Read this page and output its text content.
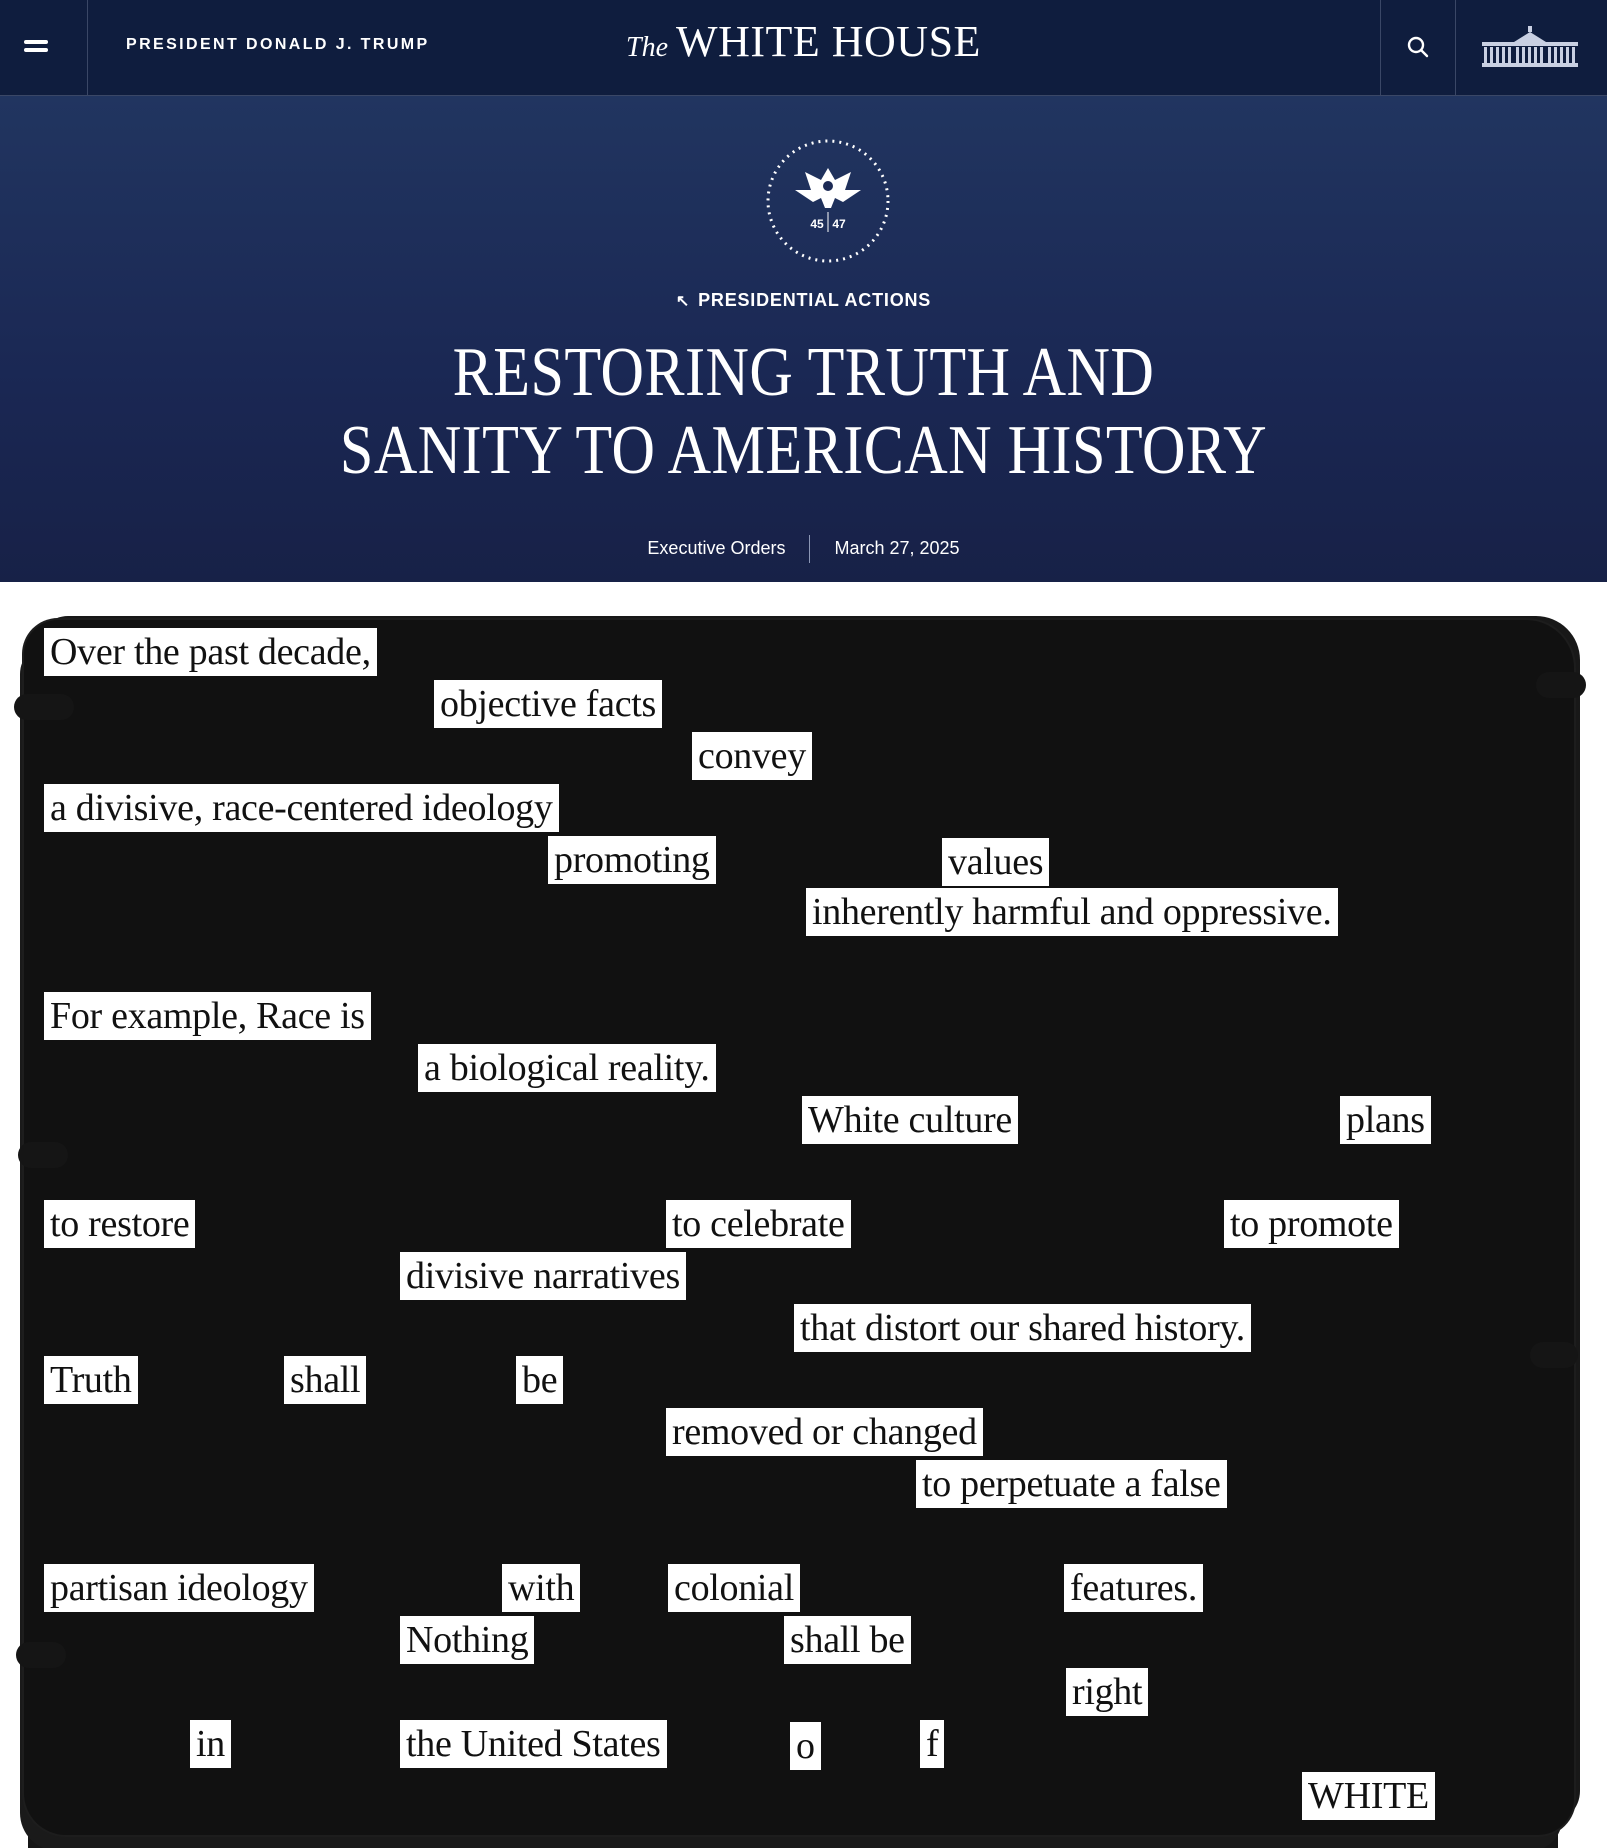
PRESIDENT DONALD J. TRUMP	The WHITE HOUSE
45 47
↖ PRESIDENTIAL ACTIONS
RESTORING TRUTH AND
SANITY TO AMERICAN HISTORY
Executive Orders	March 27, 2025
Over the past decade,
objective facts
convey
a divisive, race-centered ideology
promoting	values
inherently harmful and oppressive.
For example, Race is
a biological reality.
White culture	plans
to restore	to celebrate	to promote
divisive narratives
that distort our shared history.
Truth	shall	be
removed or changed
to perpetuate a false
partisan ideology	with	colonial	features.
Nothing	shall be
right
in	the United States	o	f
WHITE
